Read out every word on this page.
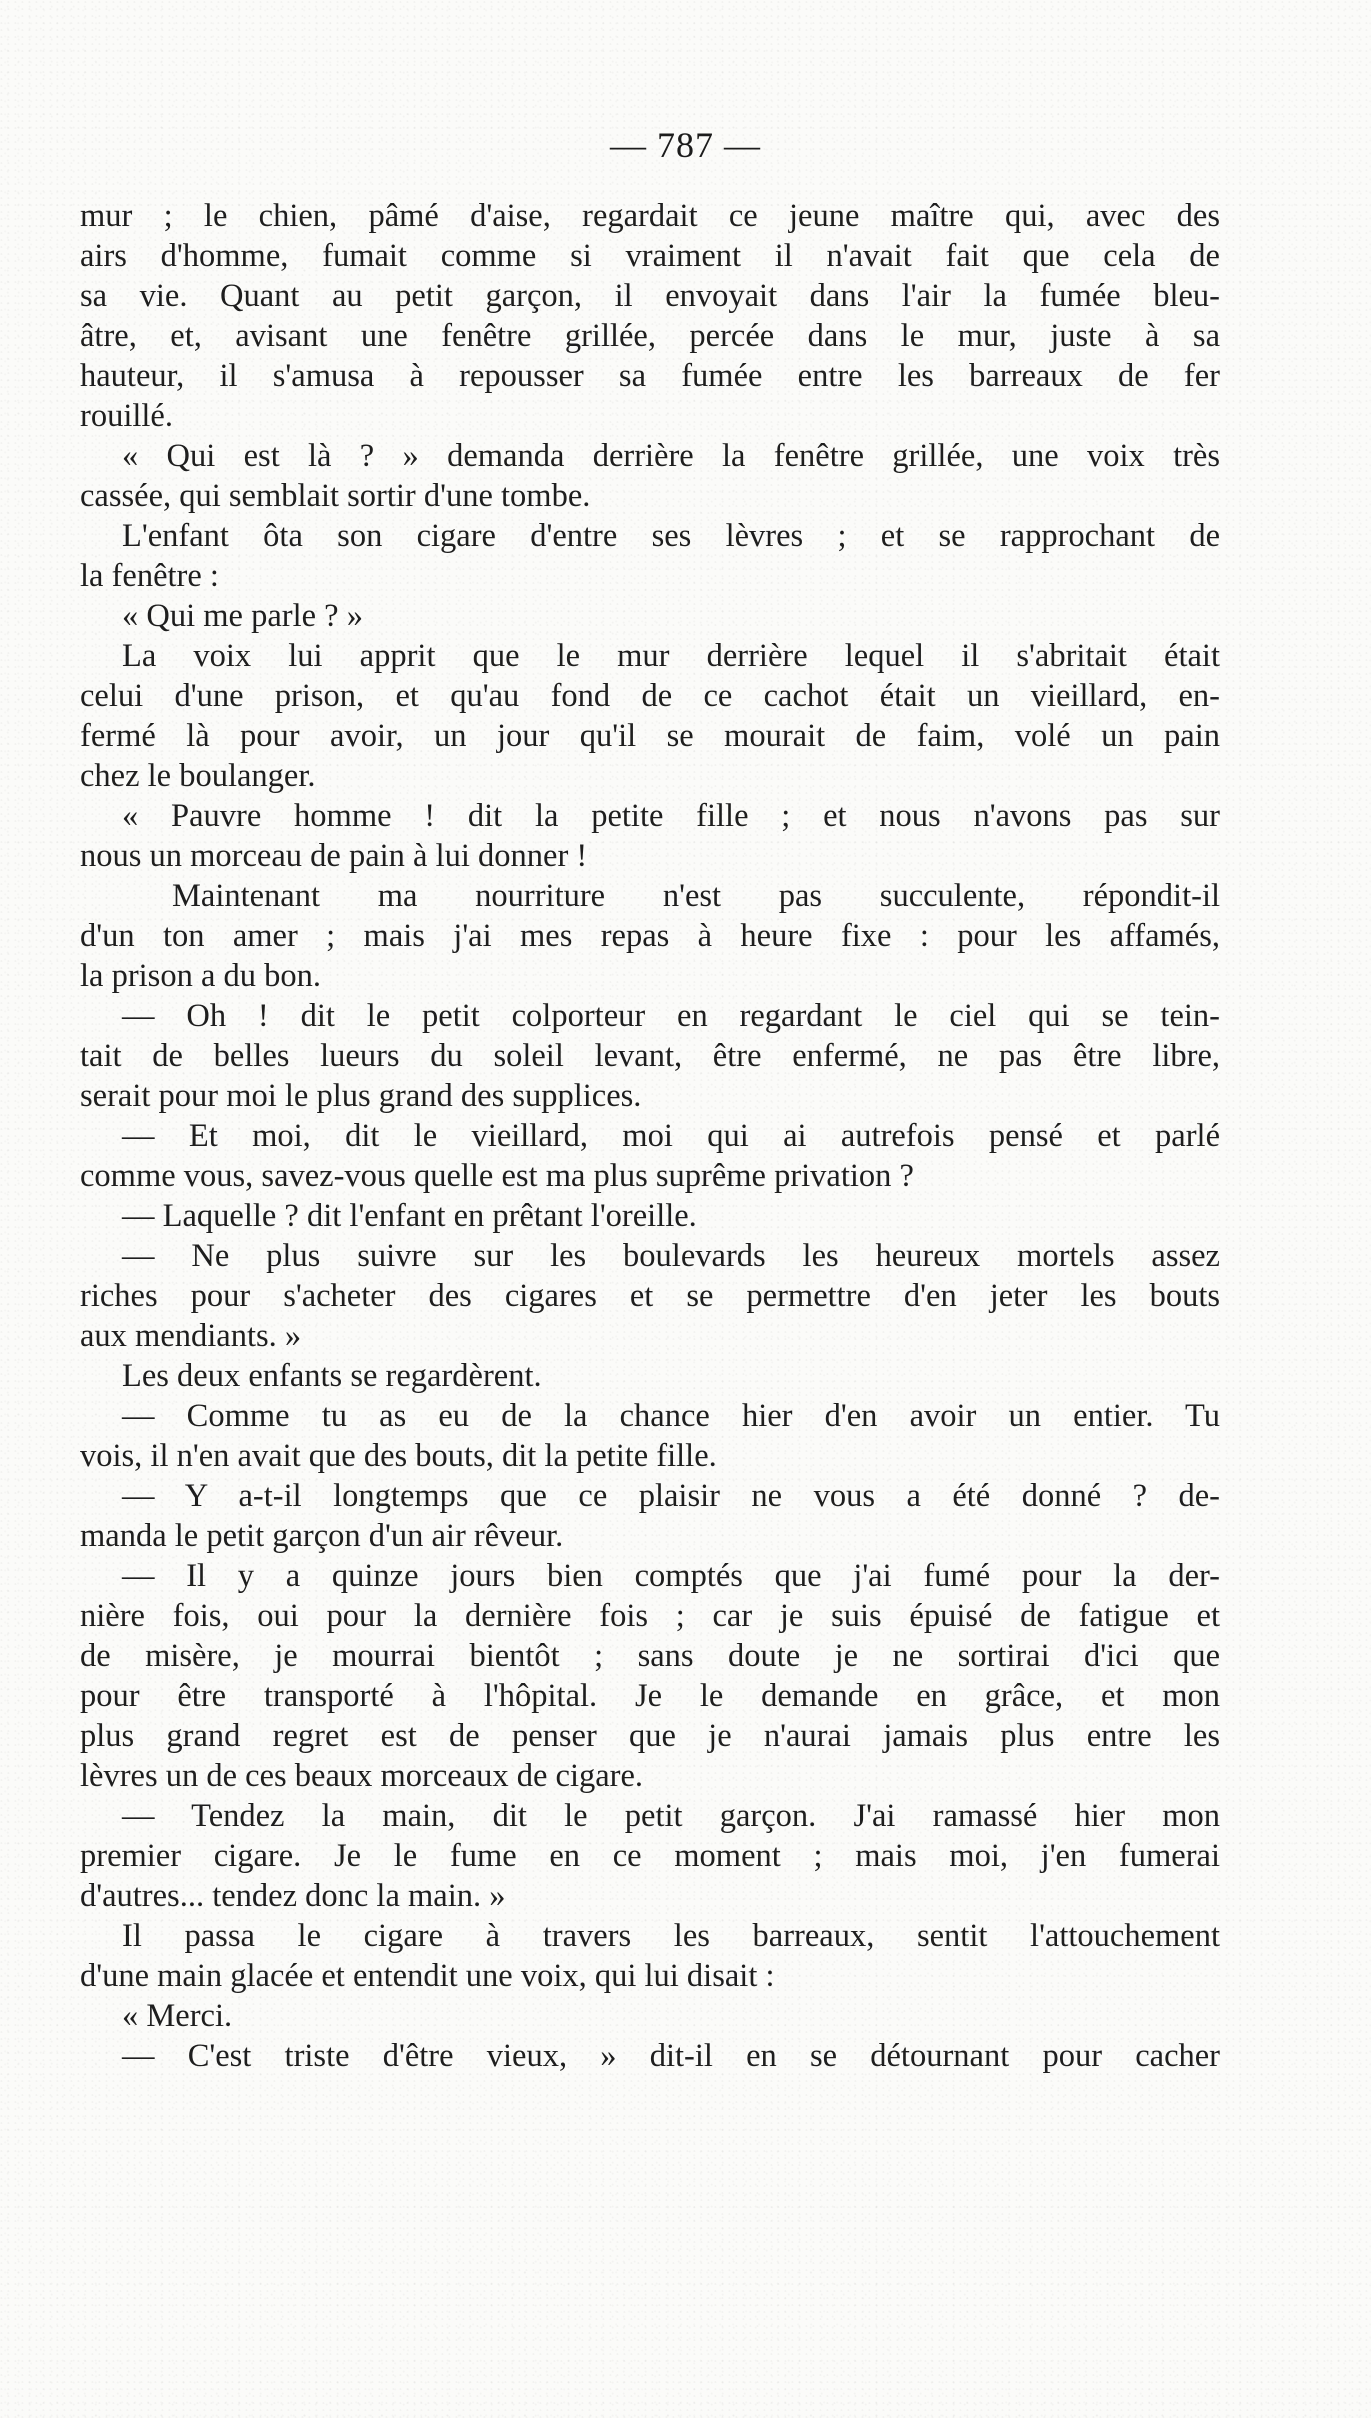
— 787 —
mur ; le chien, pâmé d'aise, regardait ce jeune maître qui, avec des
airs d'homme, fumait comme si vraiment il n'avait fait que cela de
sa vie. Quant au petit garçon, il envoyait dans l'air la fumée bleu-
âtre, et, avisant une fenêtre grillée, percée dans le mur, juste à sa
hauteur, il s'amusa à repousser sa fumée entre les barreaux de fer
rouillé.
« Qui est là ? » demanda derrière la fenêtre grillée, une voix très
cassée, qui semblait sortir d'une tombe.
L'enfant ôta son cigare d'entre ses lèvres ; et se rapprochant de
la fenêtre :
« Qui me parle ? »
La voix lui apprit que le mur derrière lequel il s'abritait était
celui d'une prison, et qu'au fond de ce cachot était un vieillard, en-
fermé là pour avoir, un jour qu'il se mourait de faim, volé un pain
chez le boulanger.
« Pauvre homme ! dit la petite fille ; et nous n'avons pas sur
nous un morceau de pain à lui donner !
Maintenant ma nourriture n'est pas succulente, répondit-il
d'un ton amer ; mais j'ai mes repas à heure fixe : pour les affamés,
la prison a du bon.
— Oh ! dit le petit colporteur en regardant le ciel qui se tein-
tait de belles lueurs du soleil levant, être enfermé, ne pas être libre,
serait pour moi le plus grand des supplices.
— Et moi, dit le vieillard, moi qui ai autrefois pensé et parlé
comme vous, savez-vous quelle est ma plus suprême privation ?
— Laquelle ? dit l'enfant en prêtant l'oreille.
— Ne plus suivre sur les boulevards les heureux mortels assez
riches pour s'acheter des cigares et se permettre d'en jeter les bouts
aux mendiants. »
Les deux enfants se regardèrent.
— Comme tu as eu de la chance hier d'en avoir un entier. Tu
vois, il n'en avait que des bouts, dit la petite fille.
— Y a-t-il longtemps que ce plaisir ne vous a été donné ? de-
manda le petit garçon d'un air rêveur.
— Il y a quinze jours bien comptés que j'ai fumé pour la der-
nière fois, oui pour la dernière fois ; car je suis épuisé de fatigue et
de misère, je mourrai bientôt ; sans doute je ne sortirai d'ici que
pour être transporté à l'hôpital. Je le demande en grâce, et mon
plus grand regret est de penser que je n'aurai jamais plus entre les
lèvres un de ces beaux morceaux de cigare.
— Tendez la main, dit le petit garçon. J'ai ramassé hier mon
premier cigare. Je le fume en ce moment ; mais moi, j'en fumerai
d'autres... tendez donc la main. »
Il passa le cigare à travers les barreaux, sentit l'attouchement
d'une main glacée et entendit une voix, qui lui disait :
« Merci.
— C'est triste d'être vieux, » dit-il en se détournant pour cacher
